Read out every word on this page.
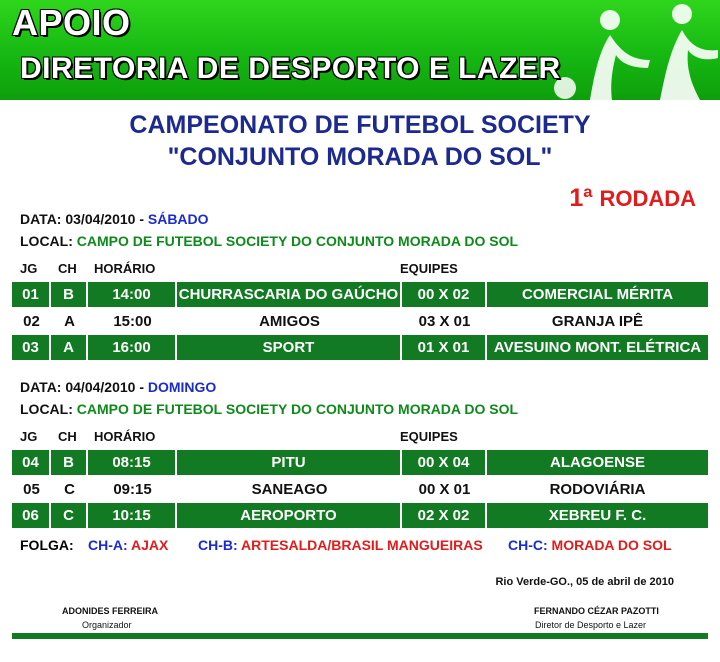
APOIO
DIRETORIA DE DESPORTO E LAZER
CAMPEONATO DE FUTEBOL SOCIETY
"CONJUNTO MORADA DO SOL"
1ª RODADA
DATA: 03/04/2010 - SÁBADO
LOCAL: CAMPO DE FUTEBOL SOCIETY DO CONJUNTO MORADA DO SOL
JG CH HORÁRIO	EQUIPES
01	B	14:00	CHURRASCARIA DO GAÚCHO	00 X 02	COMERCIAL MÉRITA
02	A	15:00	AMIGOS	03 X 01	GRANJA IPÊ
03	A	16:00	SPORT	01 X 01	AVESUINO MONT. ELÉTRICA
DATA: 04/04/2010 - DOMINGO
LOCAL: CAMPO DE FUTEBOL SOCIETY DO CONJUNTO MORADA DO SOL
JG CH HORÁRIO	EQUIPES
04	B	08:15	PITU	00 X 04	ALAGOENSE
05	C	09:15	SANEAGO	00 X 01	RODOVIÁRIA
06	C	10:15	AEROPORTO	02 X 02	XEBREU F. C.
FOLGA: CH-A: AJAX CH-B: ARTESALDA/BRASIL MANGUEIRAS CH-C: MORADA DO SOL
Rio Verde-GO., 05 de abril de 2010
ADONIDES FERREIRA
Organizador
FERNANDO CÉZAR PAZOTTI
Diretor de Desporto e Lazer
